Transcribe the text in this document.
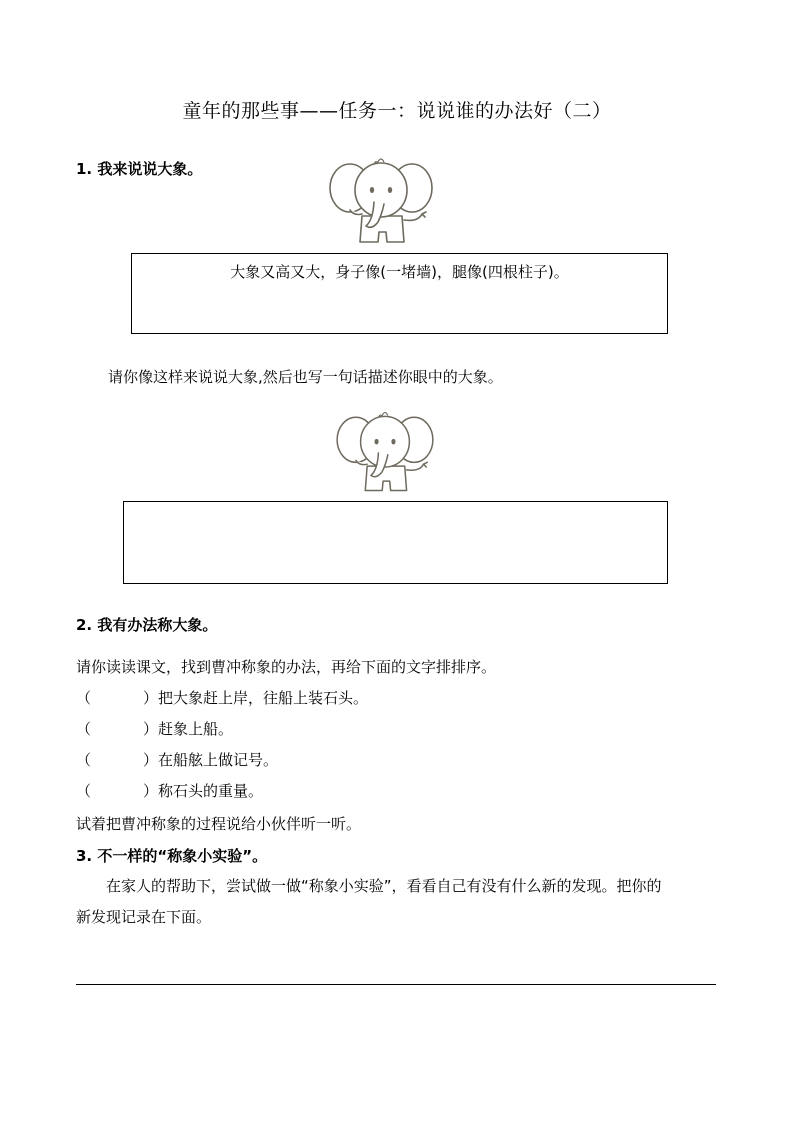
童年的那些事——任务一：说说谁的办法好（二）
1. 我来说说大象。
大象又高又大，身子像(一堵墙)，腿像(四根柱子)。
请你像这样来说说大象,然后也写一句话描述你眼中的大象。
2. 我有办法称大象。
请你读读课文，找到曹冲称象的办法，再给下面的文字排排序。
（	）把大象赶上岸，往船上装石头。
（	）赶象上船。
（	）在船舷上做记号。
（	）称石头的重量。
试着把曹冲称象的过程说给小伙伴听一听。
3. 不一样的“称象小实验”。
在家人的帮助下，尝试做一做“称象小实验”，看看自己有没有什么新的发现。把你的
新发现记录在下面。
